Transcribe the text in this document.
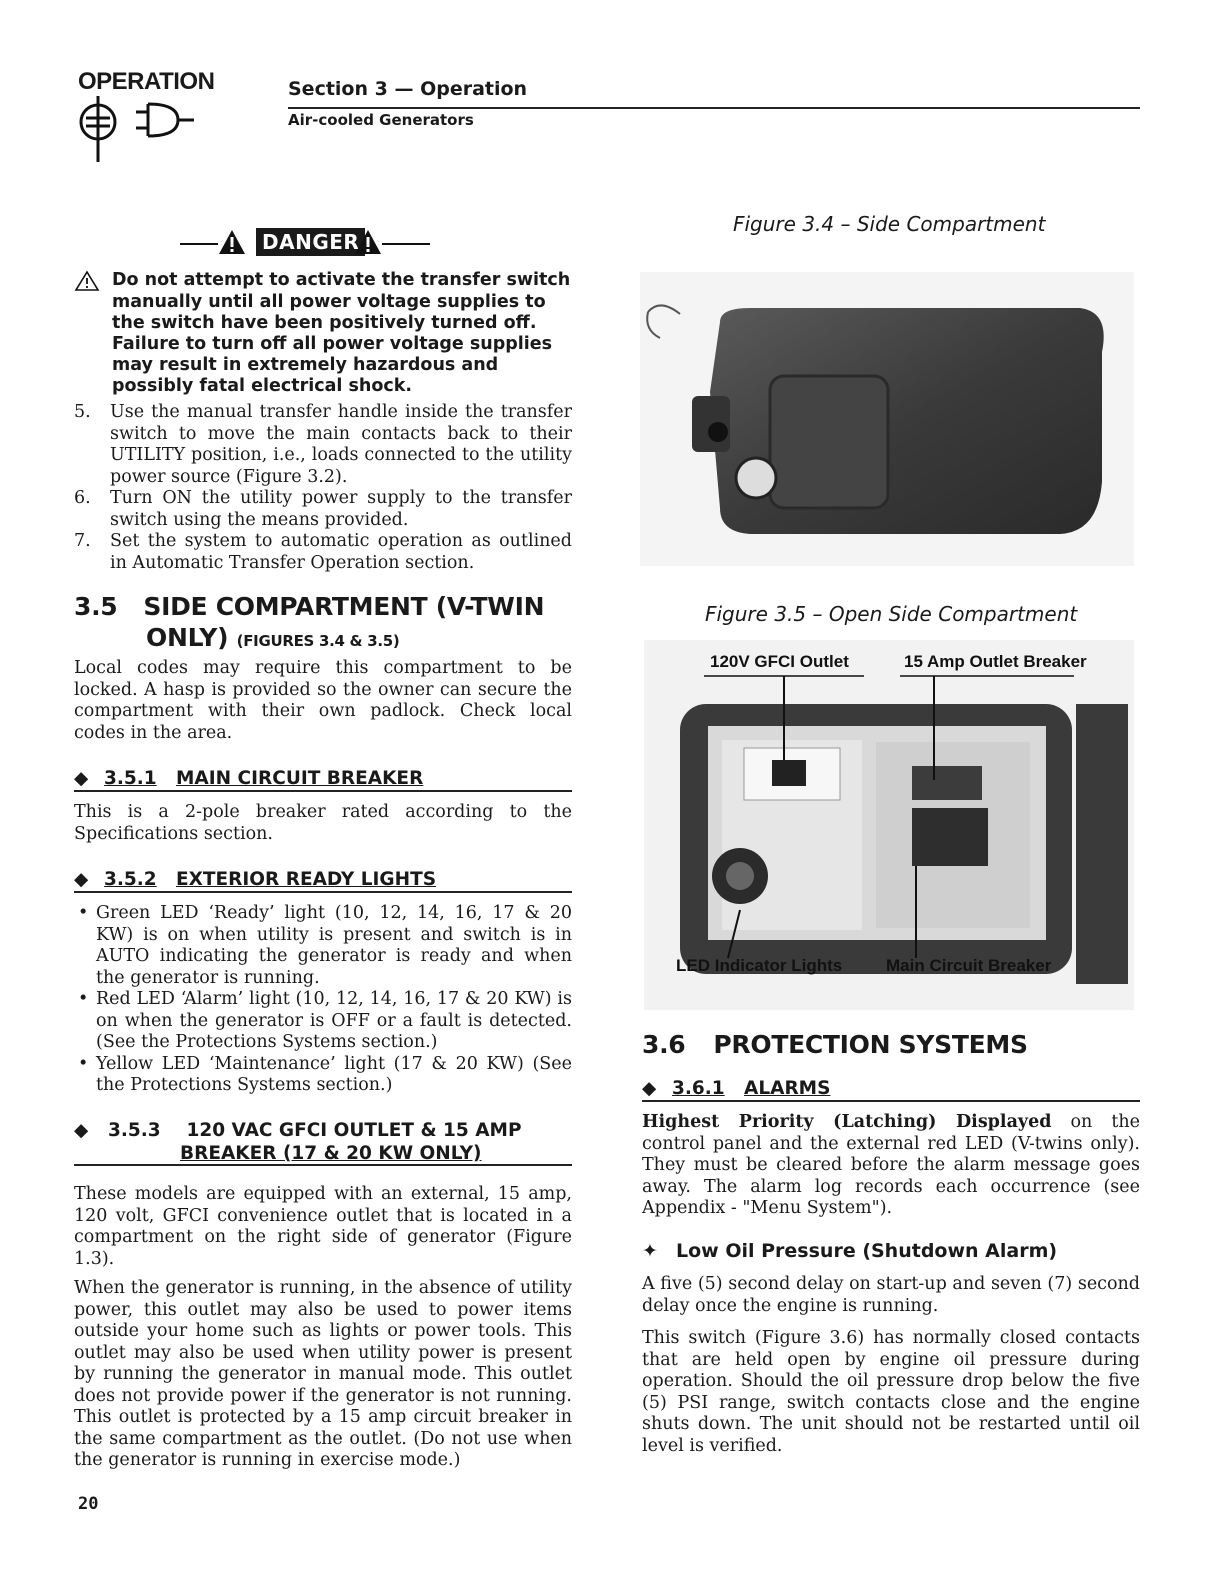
OPERATION	Section 3 — Operation
Air-cooled Generators
DANGER

Do not attempt to activate the transfer switch manually until all power voltage supplies to the switch have been positively turned off. Failure to turn off all power voltage supplies may result in extremely hazardous and possibly fatal electrical shock.

5. Use the manual transfer handle inside the transfer switch to move the main contacts back to their UTILITY position, i.e., loads connected to the utility power source (Figure 3.2).
6. Turn ON the utility power supply to the transfer switch using the means provided.
7. Set the system to automatic operation as outlined in Automatic Transfer Operation section.
3.5 SIDE COMPARTMENT (V-TWIN
ONLY) (FIGURES 3.4 & 3.5)
Local codes may require this compartment to be locked. A hasp is provided so the owner can secure the compartment with their own padlock. Check local codes in the area.
◆ 3.5.1 MAIN CIRCUIT BREAKER
This is a 2-pole breaker rated according to the Specifications section.
◆ 3.5.2 EXTERIOR READY LIGHTS
• Green LED ‘Ready’ light (10, 12, 14, 16, 17 & 20 KW) is on when utility is present and switch is in AUTO indicating the generator is ready and when the generator is running.
• Red LED ‘Alarm’ light (10, 12, 14, 16, 17 & 20 KW) is on when the generator is OFF or a fault is detected. (See the Protections Systems section.)
• Yellow LED ‘Maintenance’ light (17 & 20 KW) (See the Protections Systems section.)
◆ 3.5.3 120 VAC GFCI OUTLET & 15 AMP
BREAKER (17 & 20 KW ONLY)
These models are equipped with an external, 15 amp, 120 volt, GFCI convenience outlet that is located in a compartment on the right side of generator (Figure 1.3).
When the generator is running, in the absence of utility power, this outlet may also be used to power items outside your home such as lights or power tools. This outlet may also be used when utility power is present by running the generator in manual mode. This outlet does not provide power if the generator is not running. This outlet is protected by a 15 amp circuit breaker in the same compartment as the outlet. (Do not use when the generator is running in exercise mode.)
20
Figure 3.4 – Side Compartment
Figure 3.5 – Open Side Compartment
120V GFCI Outlet	15 Amp Outlet Breaker
LED Indicator Lights	Main Circuit Breaker
3.6 PROTECTION SYSTEMS
◆ 3.6.1 ALARMS
Highest Priority (Latching) Displayed on the control panel and the external red LED (V-twins only). They must be cleared before the alarm message goes away. The alarm log records each occurrence (see Appendix - "Menu System").
✦ Low Oil Pressure (Shutdown Alarm)
A five (5) second delay on start-up and seven (7) second delay once the engine is running.
This switch (Figure 3.6) has normally closed contacts that are held open by engine oil pressure during operation. Should the oil pressure drop below the five (5) PSI range, switch contacts close and the engine shuts down. The unit should not be restarted until oil level is verified.
